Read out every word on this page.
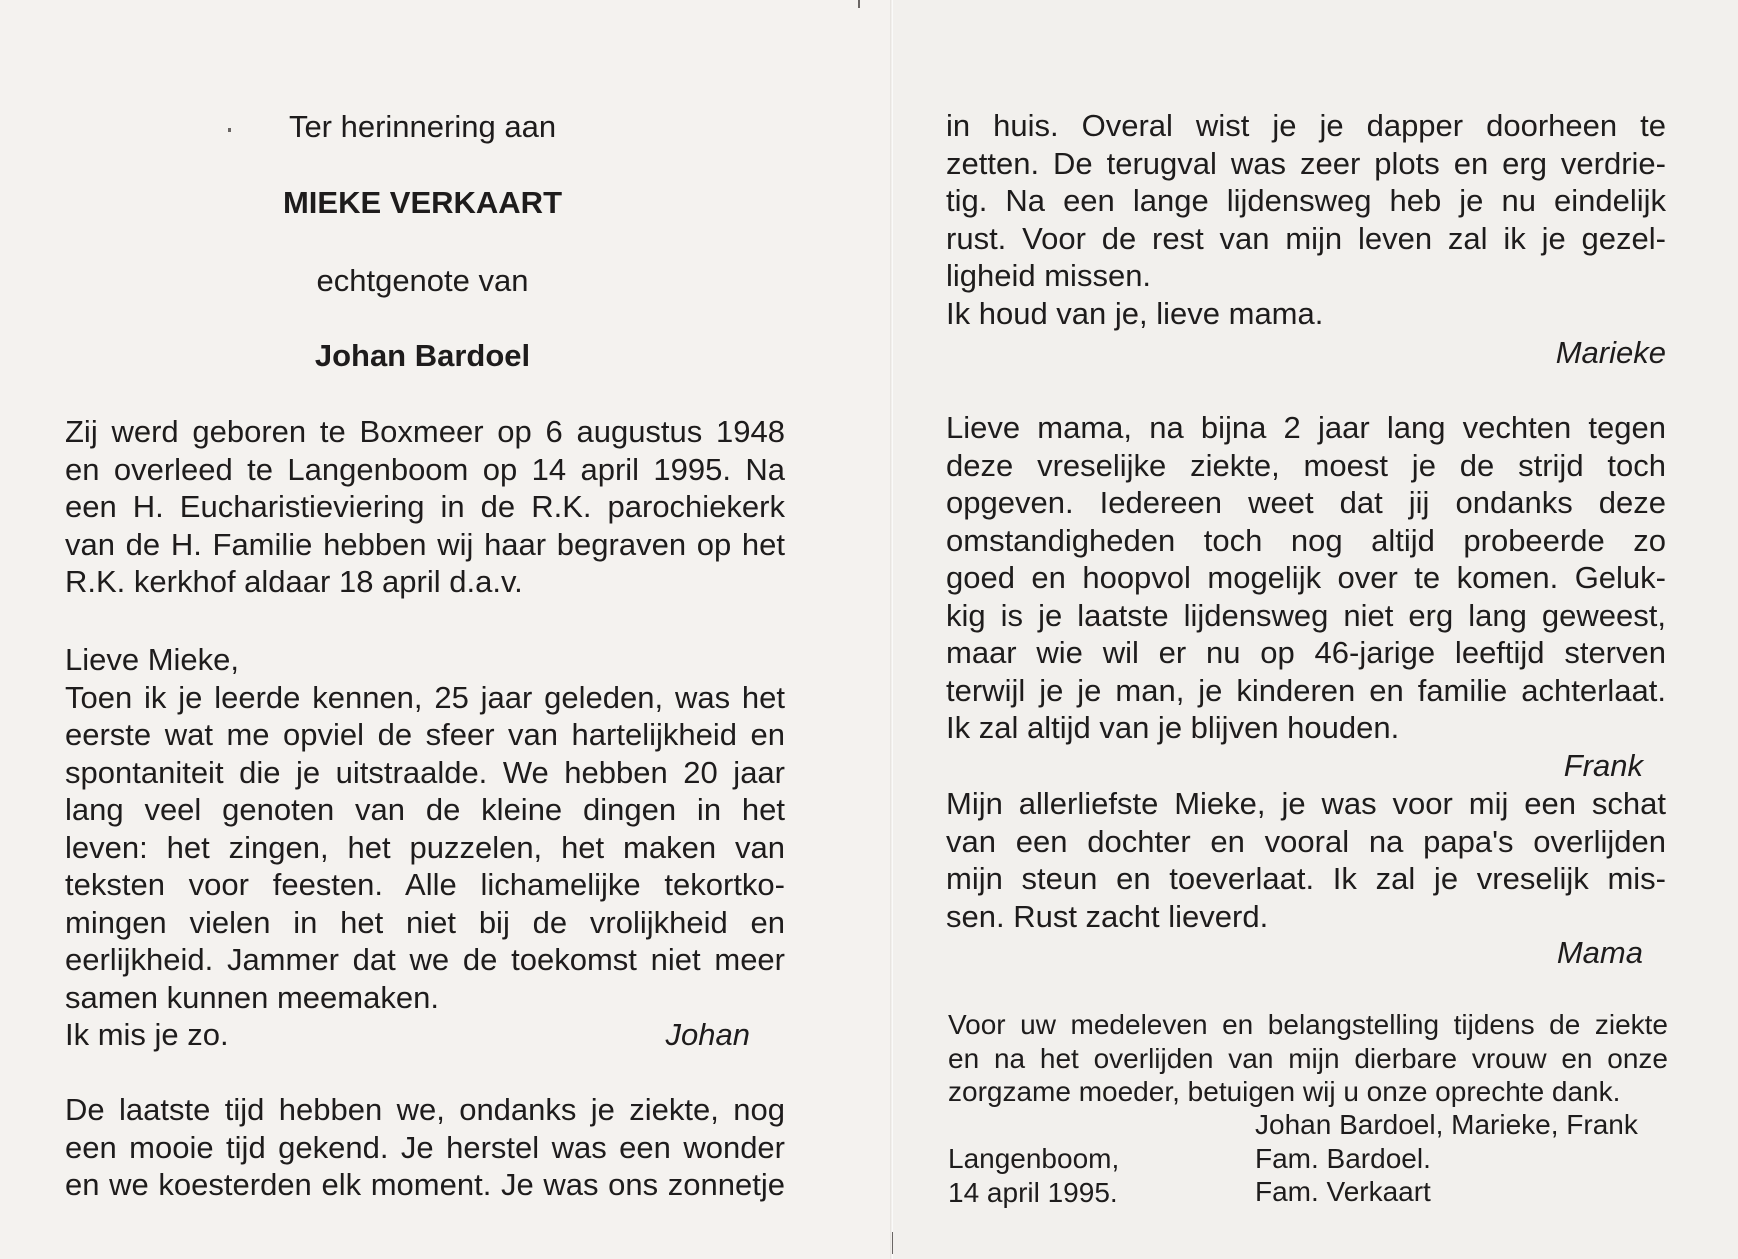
Ter herinnering aan
MIEKE VERKAART
echtgenote van
Johan Bardoel
Zij werd geboren te Boxmeer op 6 augustus 1948
en overleed te Langenboom op 14 april 1995. Na
een H. Eucharistieviering in de R.K. parochiekerk
van de H. Familie hebben wij haar begraven op het
R.K. kerkhof aldaar 18 april d.a.v.
Lieve Mieke,
Toen ik je leerde kennen, 25 jaar geleden, was het
eerste wat me opviel de sfeer van hartelijkheid en
spontaniteit die je uitstraalde. We hebben 20 jaar
lang veel genoten van de kleine dingen in het
leven: het zingen, het puzzelen, het maken van
teksten voor feesten. Alle lichamelijke tekortko-
mingen vielen in het niet bij de vrolijkheid en
eerlijkheid. Jammer dat we de toekomst niet meer
samen kunnen meemaken.
Ik mis je zo.	Johan
De laatste tijd hebben we, ondanks je ziekte, nog
een mooie tijd gekend. Je herstel was een wonder
en we koesterden elk moment. Je was ons zonnetje
in huis. Overal wist je je dapper doorheen te
zetten. De terugval was zeer plots en erg verdrie-
tig. Na een lange lijdensweg heb je nu eindelijk
rust. Voor de rest van mijn leven zal ik je gezel-
ligheid missen.
Ik houd van je, lieve mama.
Marieke
Lieve mama, na bijna 2 jaar lang vechten tegen
deze vreselijke ziekte, moest je de strijd toch
opgeven. Iedereen weet dat jij ondanks deze
omstandigheden toch nog altijd probeerde zo
goed en hoopvol mogelijk over te komen. Geluk-
kig is je laatste lijdensweg niet erg lang geweest,
maar wie wil er nu op 46-jarige leeftijd sterven
terwijl je je man, je kinderen en familie achterlaat.
Ik zal altijd van je blijven houden.
Frank
Mijn allerliefste Mieke, je was voor mij een schat
van een dochter en vooral na papa's overlijden
mijn steun en toeverlaat. Ik zal je vreselijk mis-
sen. Rust zacht lieverd.
Mama
Voor uw medeleven en belangstelling tijdens de ziekte
en na het overlijden van mijn dierbare vrouw en onze
zorgzame moeder, betuigen wij u onze oprechte dank.
Johan Bardoel, Marieke, Frank
Fam. Bardoel.
Fam. Verkaart
Langenboom,
14 april 1995.
